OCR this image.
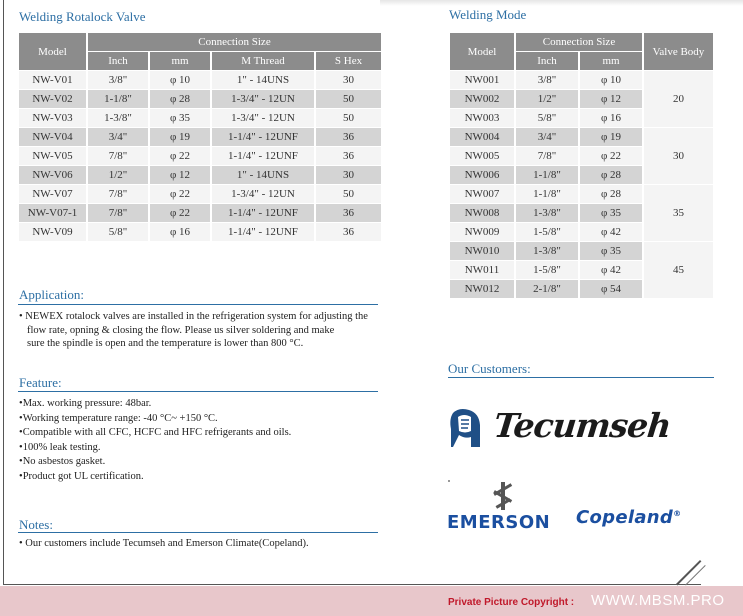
Welding Rotalock Valve
Model	Connection Size			
	Inch	mm	M Thread	S Hex
NW-V01	3/8"	φ 10	1" - 14UNS	30
NW-V02	1-1/8"	φ 28	1-3/4" - 12UN	50
NW-V03	1-3/8"	φ 35	1-3/4" - 12UN	50
NW-V04	3/4"	φ 19	1-1/4" - 12UNF	36
NW-V05	7/8"	φ 22	1-1/4" - 12UNF	36
NW-V06	1/2"	φ 12	1" - 14UNS	30
NW-V07	7/8"	φ 22	1-3/4" - 12UN	50
NW-V07-1	7/8"	φ 22	1-1/4" - 12UNF	36
NW-V09	5/8"	φ 16	1-1/4" - 12UNF	36
Welding Mode
Model	Connection Size		Valve Body
	Inch	mm	
NW001	3/8"	φ 10	20
NW002	1/2"	φ 12	
NW003	5/8"	φ 16	
NW004	3/4"	φ 19	30
NW005	7/8"	φ 22	
NW006	1-1/8"	φ 28	
NW007	1-1/8"	φ 28	35
NW008	1-3/8"	φ 35	
NW009	1-5/8"	φ 42	
NW010	1-3/8"	φ 35	45
NW011	1-5/8"	φ 42	
NW012	2-1/8"	φ 54	
Application:

• NEWEX rotalock valves are installed in the refrigeration system for adjusting the

flow rate, opning & closing the flow. Please us silver soldering and make

sure the spindle is open and the temperature is lower than 800 °C.

Feature:
• Max. working pressure: 48bar.
• Working temperature range: -40 °C~ +150 °C.
• Compatible with all CFC, HCFC and HFC refrigerants and oils.
• 100% leak testing.
• No asbestos gasket.
• Product got UL certification.
Notes:
• Our customers include Tecumseh and Emerson Climate(Copeland).
Our Customers:
Tecumseh
EMERSON Copeland®
Private Picture Copyright : WWW.MBSM.PRO
